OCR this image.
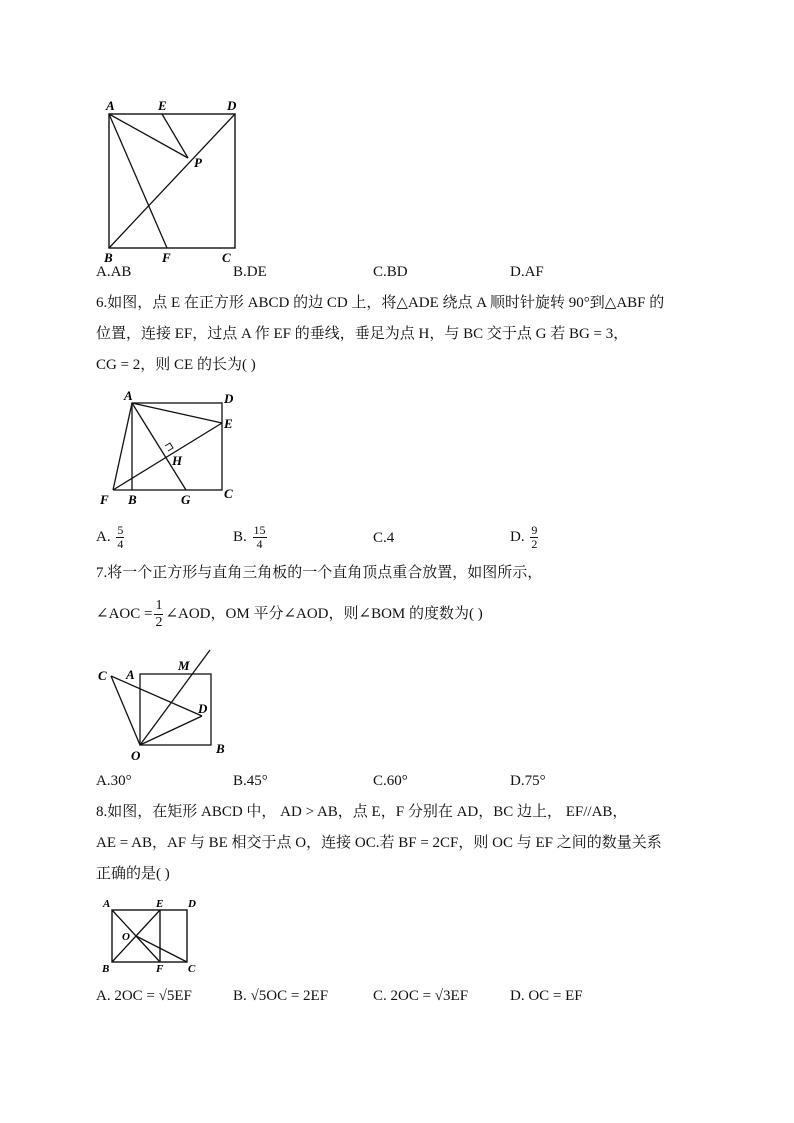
A	E	D
P
B	F	C
A.AB	B.DE	C.BD	D.AF
6.如图，点 E 在正方形 ABCD 的边 CD 上，将△ADE 绕点 A 顺时针旋转 90°到△ABF 的
位置，连接 EF，过点 A 作 EF 的垂线，垂足为点 H，与 BC 交于点 G 若 BG = 3，
CG = 2，则 CE 的长为( )
A	D
E
H
F B	G	C
A. $\frac{5}{4}$	B. $\frac{15}{4}$	C.4	D. $\frac{9}{2}$
7.将一个正方形与直角三角板的一个直角顶点重合放置，如图所示，
∠AOC = $\frac{1}{2}$ ∠AOD，OM 平分∠AOD，则∠BOM 的度数为( )
C A
M
D
O	B
A.30°	B.45°	C.60°	D.75°
8.如图，在矩形 ABCD 中， AD > AB，点 E，F 分别在 AD，BC 边上， EF//AB，
AE = AB，AF 与 BE 相交于点 O，连接 OC.若 BF = 2CF，则 OC 与 EF 之间的数量关系
正确的是( )
A	E D
O
B	F C
A. 2OC = √5EF	B. √5OC = 2EF	C. 2OC = √3EF	D. OC = EF
